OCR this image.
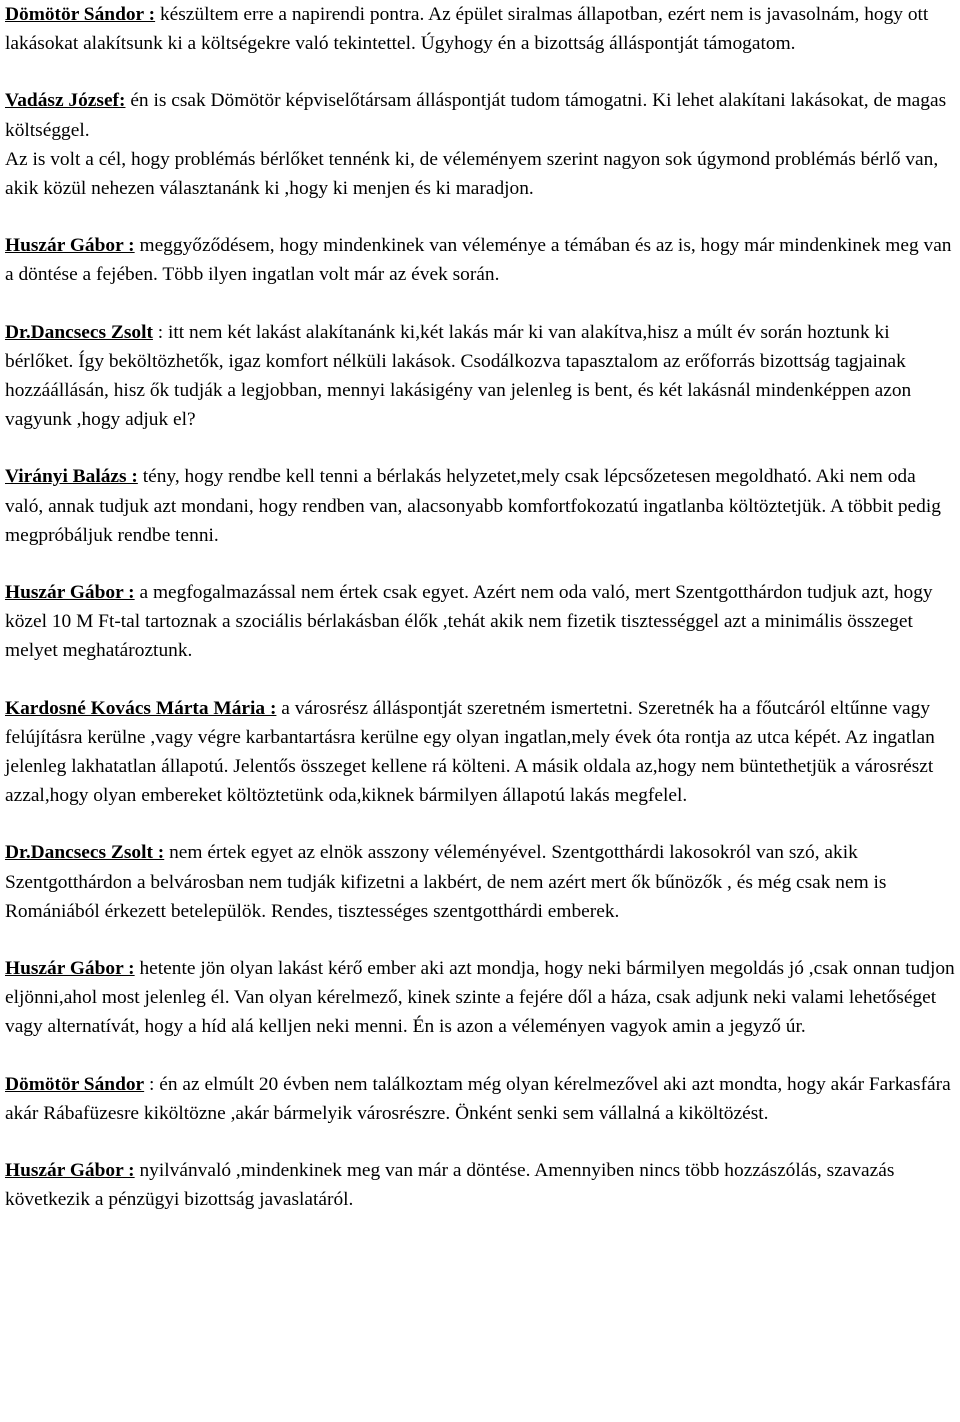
Dömötör Sándor : készültem erre a napirendi pontra. Az épület siralmas állapotban, ezért nem is javasolnám, hogy ott lakásokat alakítsunk ki a költségekre való tekintettel. Úgyhogy én a bizottság álláspontját támogatom.

Vadász József: én is csak Dömötör képviselőtársam álláspontját tudom támogatni. Ki lehet alakítani lakásokat, de magas költséggel.

Az is volt a cél, hogy problémás bérlőket tennénk ki, de véleményem szerint nagyon sok úgymond problémás bérlő van, akik közül nehezen választanánk ki ,hogy ki menjen és ki maradjon.

Huszár Gábor : meggyőződésem, hogy mindenkinek van véleménye a témában és az is, hogy már mindenkinek meg van a döntése a fejében. Több ilyen ingatlan volt már az évek során.

Dr.Dancsecs Zsolt : itt nem két lakást alakítanánk ki,két lakás már ki van alakítva,hisz a múlt év során hoztunk ki bérlőket. Így beköltözhetők, igaz komfort nélküli lakások. Csodálkozva tapasztalom az erőforrás bizottság tagjainak hozzáállásán, hisz ők tudják a legjobban, mennyi lakásigény van jelenleg is bent, és két lakásnál mindenképpen azon vagyunk ,hogy adjuk el?

Virányi Balázs : tény, hogy rendbe kell tenni a bérlakás helyzetet,mely csak lépcsőzetesen megoldható. Aki nem oda való, annak tudjuk azt mondani, hogy rendben van, alacsonyabb komfortfokozatú ingatlanba költöztetjük. A többit pedig megpróbáljuk rendbe tenni.

Huszár Gábor : a megfogalmazással nem értek csak egyet. Azért nem oda való, mert Szentgotthárdon tudjuk azt, hogy közel 10 M Ft-tal tartoznak a szociális bérlakásban élők ,tehát akik nem fizetik tisztességgel azt a minimális összeget melyet meghatároztunk.

Kardosné Kovács Márta Mária : a városrész álláspontját szeretném ismertetni. Szeretnék ha a főutcáról eltűnne vagy felújításra kerülne ,vagy végre karbantartásra kerülne egy olyan ingatlan,mely évek óta rontja az utca képét. Az ingatlan jelenleg lakhatatlan állapotú. Jelentős összeget kellene rá költeni. A másik oldala az,hogy nem büntethetjük a városrészt azzal,hogy olyan embereket költöztetünk oda,kiknek bármilyen állapotú lakás megfelel.

Dr.Dancsecs Zsolt : nem értek egyet az elnök asszony véleményével. Szentgotthárdi lakosokról van szó, akik Szentgotthárdon a belvárosban nem tudják kifizetni a lakbért, de nem azért mert ők bűnözők , és még csak nem is Romániából érkezett betelepülök. Rendes, tisztességes szentgotthárdi emberek.

Huszár Gábor : hetente jön olyan lakást kérő ember aki azt mondja, hogy neki bármilyen megoldás jó ,csak onnan tudjon eljönni,ahol most jelenleg él. Van olyan kérelmező, kinek szinte a fejére dől a háza, csak adjunk neki valami lehetőséget vagy alternatívát, hogy a híd alá kelljen neki menni. Én is azon a véleményen vagyok amin a jegyző úr.

Dömötör Sándor : én az elmúlt 20 évben nem találkoztam még olyan kérelmezővel aki azt mondta, hogy akár Farkasfára akár Rábafüzesre kiköltözne ,akár bármelyik városrészre. Önként senki sem vállalná a kiköltözést.

Huszár Gábor : nyilvánvaló ,mindenkinek meg van már a döntése. Amennyiben nincs több hozzászólás, szavazás következik a pénzügyi bizottság javaslatáról.
